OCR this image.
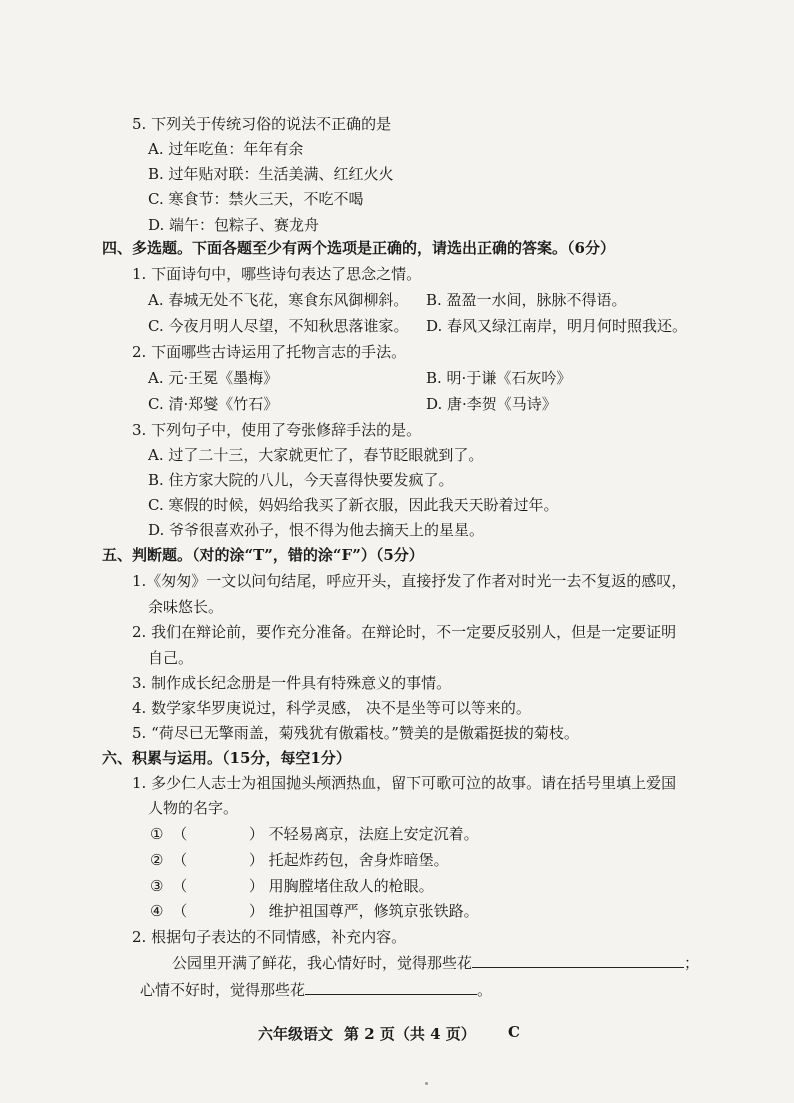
5. 下列关于传统习俗的说法不正确的是
A. 过年吃鱼：年年有余
B. 过年贴对联：生活美满、红红火火
C. 寒食节：禁火三天，不吃不喝
D. 端午：包粽子、赛龙舟
四、多选题。下面各题至少有两个选项是正确的，请选出正确的答案。（6分）
1. 下面诗句中，哪些诗句表达了思念之情。
A. 春城无处不飞花，寒食东风御柳斜。 B. 盈盈一水间，脉脉不得语。
C. 今夜月明人尽望，不知秋思落谁家。 D. 春风又绿江南岸，明月何时照我还。
2. 下面哪些古诗运用了托物言志的手法。
A. 元·王冕《墨梅》	B. 明·于谦《石灰吟》
C. 清·郑燮《竹石》	D. 唐·李贺《马诗》
3. 下列句子中，使用了夸张修辞手法的是。
A. 过了二十三，大家就更忙了，春节眨眼就到了。
B. 住方家大院的八儿，今天喜得快要发疯了。
C. 寒假的时候，妈妈给我买了新衣服，因此我天天盼着过年。
D. 爷爷很喜欢孙子，恨不得为他去摘天上的星星。
五、判断题。（对的涂“T”，错的涂“F”）（5分）
1.《匆匆》一文以问句结尾，呼应开头，直接抒发了作者对时光一去不复返的感叹，
余味悠长。
2. 我们在辩论前，要作充分准备。在辩论时，不一定要反驳别人，但是一定要证明
自己。
3. 制作成长纪念册是一件具有特殊意义的事情。
4. 数学家华罗庚说过，科学灵感， 决不是坐等可以等来的。
5. “荷尽已无擎雨盖，菊残犹有傲霜枝。”赞美的是傲霜挺拔的菊枝。
六、积累与运用。（15分，每空1分）
1. 多少仁人志士为祖国抛头颅洒热血，留下可歌可泣的故事。请在括号里填上爱国
人物的名字。
① （	） 不轻易离京，法庭上安定沉着。
② （	） 托起炸药包，舍身炸暗堡。
③ （	） 用胸膛堵住敌人的枪眼。
④ （	） 维护祖国尊严，修筑京张铁路。
2. 根据句子表达的不同情感，补充内容。
公园里开满了鲜花，我心情好时，觉得那些花	；
心情不好时，觉得那些花	。
六年级语文 第 2 页（共 4 页） C
